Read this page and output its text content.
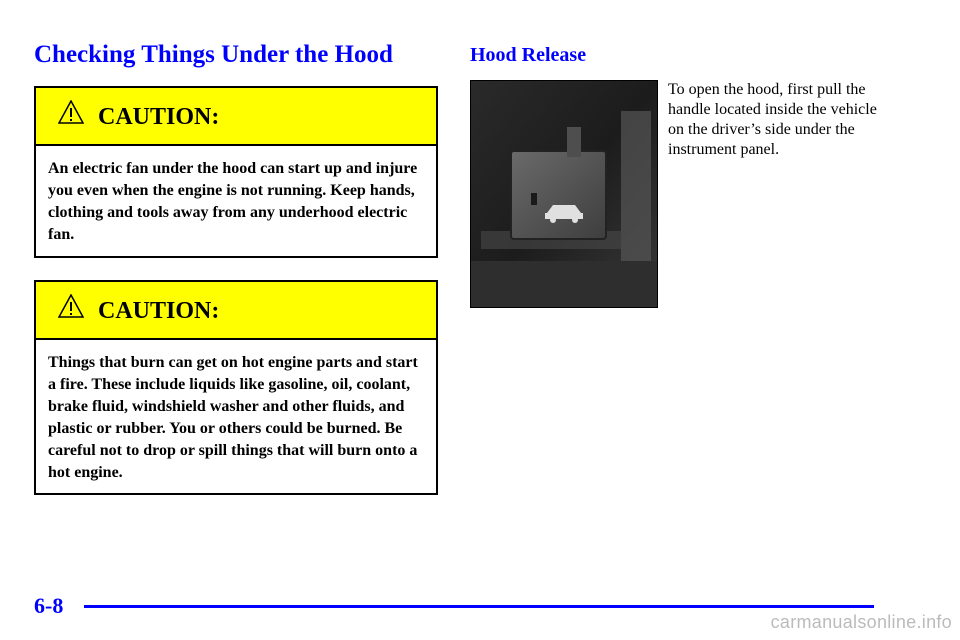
Checking Things Under the Hood
CAUTION:
An electric fan under the hood can start up and injure you even when the engine is not running. Keep hands, clothing and tools away from any underhood electric fan.
CAUTION:
Things that burn can get on hot engine parts and start a fire. These include liquids like gasoline, oil, coolant, brake fluid, windshield washer and other fluids, and plastic or rubber. You or others could be burned. Be careful not to drop or spill things that will burn onto a hot engine.
Hood Release
To open the hood, first pull the handle located inside the vehicle on the driver’s side under the instrument panel.
6-8
carmanualsonline.info
